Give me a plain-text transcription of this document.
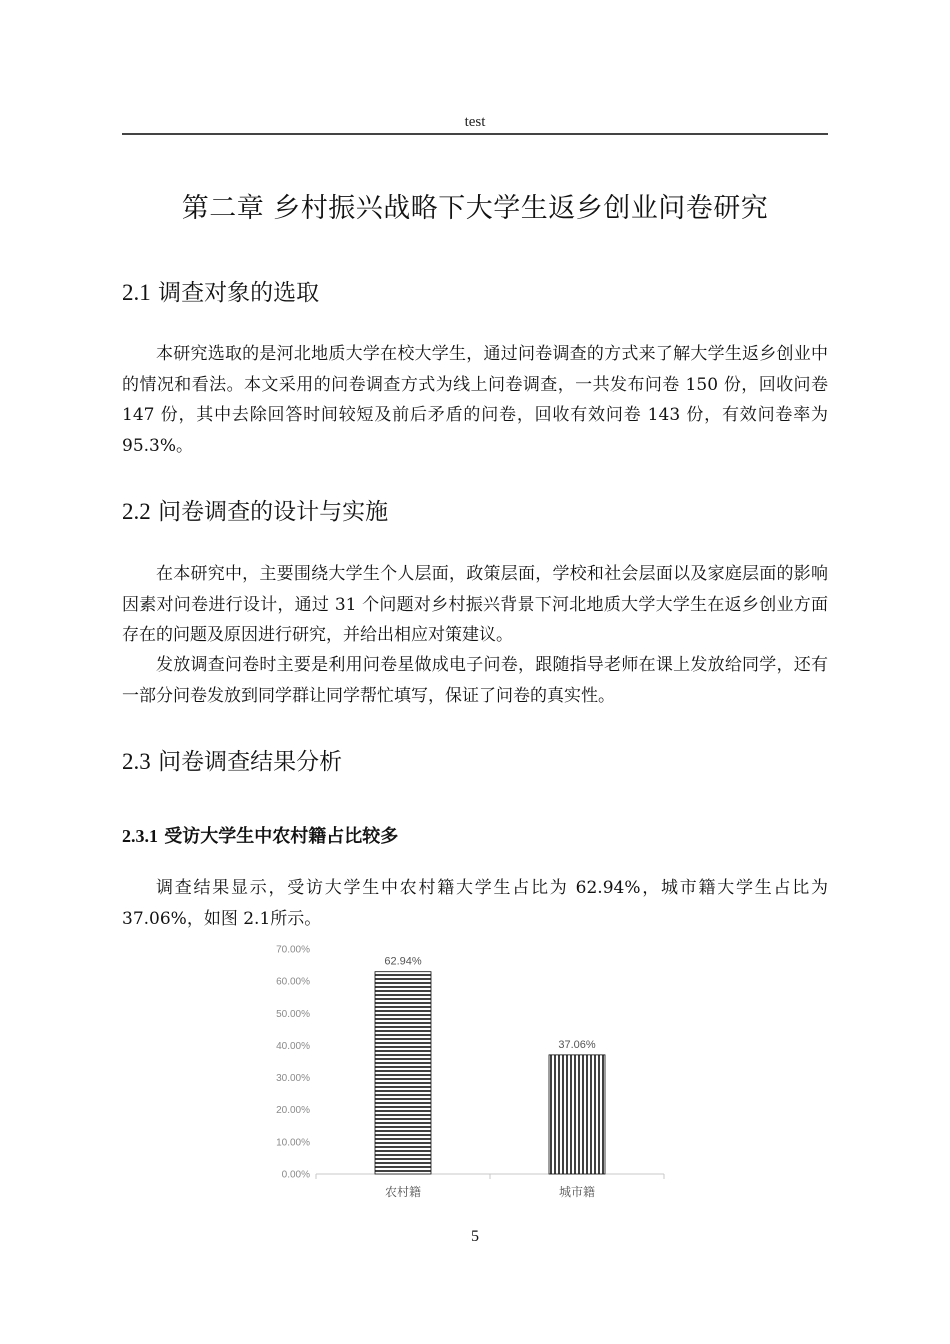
test
第二章 乡村振兴战略下大学生返乡创业问卷研究
2.1 调查对象的选取

本研究选取的是河北地质大学在校大学生，通过问卷调查的方式来了解大学生返乡创业中的情况和看法。本文采用的问卷调查方式为线上问卷调查，一共发布问卷 150 份，回收问卷 147 份，其中去除回答时间较短及前后矛盾的问卷，回收有效问卷 143 份，有效问卷率为 95.3%。

2.2 问卷调查的设计与实施

在本研究中，主要围绕大学生个人层面，政策层面，学校和社会层面以及家庭层面的影响因素对问卷进行设计，通过 31 个问题对乡村振兴背景下河北地质大学大学生在返乡创业方面存在的问题及原因进行研究，并给出相应对策建议。

发放调查问卷时主要是利用问卷星做成电子问卷，跟随指导老师在课上发放给同学，还有一部分问卷发放到同学群让同学帮忙填写，保证了问卷的真实性。

2.3 问卷调查结果分析
2.3.1 受访大学生中农村籍占比较多

调查结果显示，受访大学生中农村籍大学生占比为 62.94%，城市籍大学生占比为 37.06%，如图 2.1所示。

0.00%
10.00%
20.00%
30.00%
40.00%
50.00%
60.00%
70.00%
62.94%
农村籍
37.06%
城市籍
5
